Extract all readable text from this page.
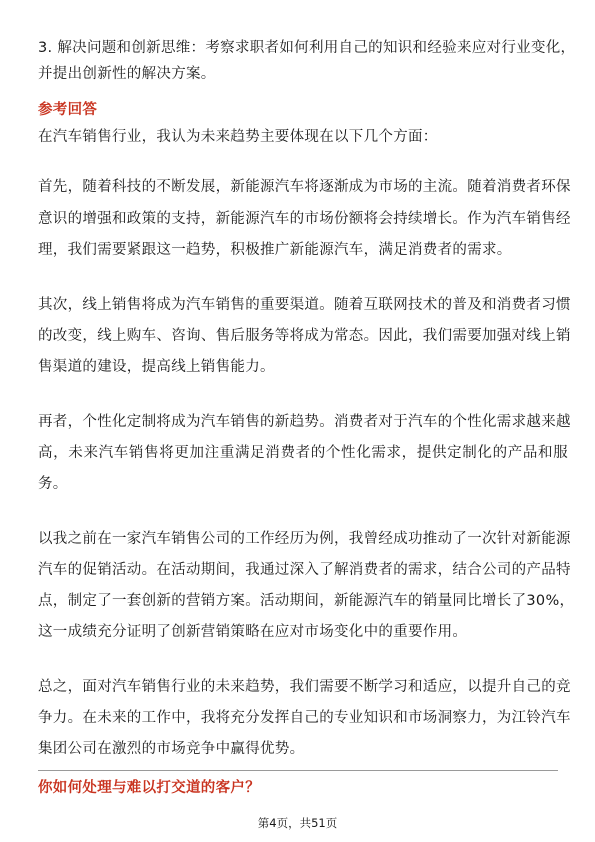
3. 解决问题和创新思维：考察求职者如何利用自己的知识和经验来应对行业变化，
并提出创新性的解决方案。
参考回答
在汽车销售行业，我认为未来趋势主要体现在以下几个方面：
首先，随着科技的不断发展，新能源汽车将逐渐成为市场的主流。随着消费者环保
意识的增强和政策的支持，新能源汽车的市场份额将会持续增长。作为汽车销售经
理，我们需要紧跟这一趋势，积极推广新能源汽车，满足消费者的需求。
其次，线上销售将成为汽车销售的重要渠道。随着互联网技术的普及和消费者习惯
的改变，线上购车、咨询、售后服务等将成为常态。因此，我们需要加强对线上销
售渠道的建设，提高线上销售能力。
再者，个性化定制将成为汽车销售的新趋势。消费者对于汽车的个性化需求越来越
高，未来汽车销售将更加注重满足消费者的个性化需求，提供定制化的产品和服
务。
以我之前在一家汽车销售公司的工作经历为例，我曾经成功推动了一次针对新能源
汽车的促销活动。在活动期间，我通过深入了解消费者的需求，结合公司的产品特
点，制定了一套创新的营销方案。活动期间，新能源汽车的销量同比增长了30%，
这一成绩充分证明了创新营销策略在应对市场变化中的重要作用。
总之，面对汽车销售行业的未来趋势，我们需要不断学习和适应，以提升自己的竞
争力。在未来的工作中，我将充分发挥自己的专业知识和市场洞察力，为江铃汽车
集团公司在激烈的市场竞争中赢得优势。
你如何处理与难以打交道的客户？
第4页，共51页
